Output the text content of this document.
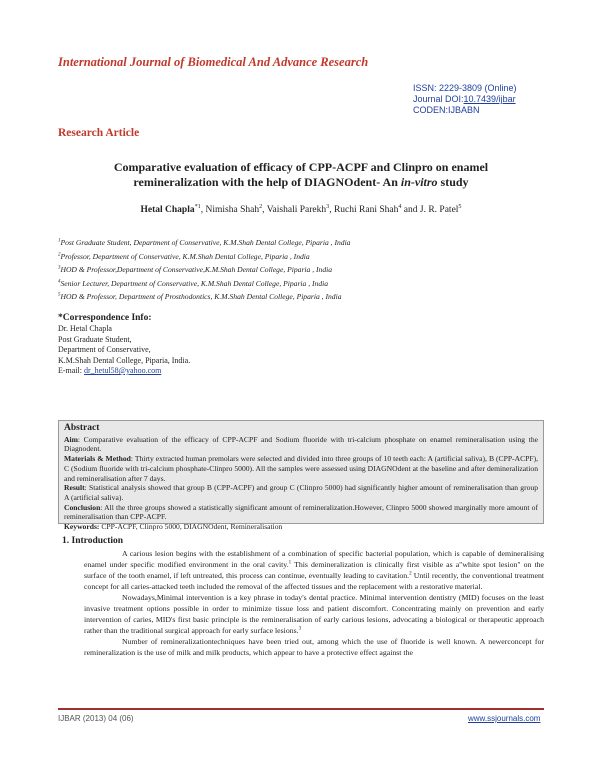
International Journal of Biomedical And Advance Research
ISSN: 2229-3809 (Online)
Journal DOI:10.7439/ijbar
CODEN:IJBABN
Research Article
Comparative evaluation of efficacy of CPP-ACPF and Clinpro on enamel
remineralization with the help of DIAGNOdent- An in-vitro study
Hetal Chapla$^{*1}$, Nimisha Shah$^2$, Vaishali Parekh$^3$, Ruchi Rani Shah$^4$ and J. R. Patel$^5$
$^1$Post Graduate Student, Department of Conservative, K.M.Shah Dental College, Piparia , India
$^2$Professor, Department of Conservative, K.M.Shah Dental College, Piparia , India
$^3$HOD & Professor,Department of Conservative,K.M.Shah Dental College, Piparia , India
$^4$Senior Lecturer, Department of Conservative, K.M.Shah Dental College, Piparia , India
$^5$HOD & Professor, Department of Prosthodontics, K.M.Shah Dental College, Piparia , India
*Correspondence Info:
Dr. Hetal Chapla
Post Graduate Student,
Department of Conservative,
K.M.Shah Dental College, Piparia, India.
E-mail: dr_hetul58@yahoo.com
Abstract

Aim: Comparative evaluation of the efficacy of CPP-ACPF and Sodium fluoride with tri-calcium phosphate on enamel remineralisation using the Diagnodent.

Materials & Method: Thirty extracted human premolars were selected and divided into three groups of 10 teeth each: A (artificial saliva), B (CPP-ACPF), C (Sodium fluoride with tri-calcium phosphate-Clinpro 5000). All the samples were assessed using DIAGNOdent at the baseline and after demineralization and remineralisation after 7 days.

Result: Statistical analysis showed that group B (CPP-ACPF) and group C (Clinpro 5000) had significantly higher amount of remineralisation than group A (artificial saliva).

Conclusion: All the three groups showed a statistically significant amount of remineralization.However, Clinpro 5000 showed marginally more amount of remineralisation than CPP-ACPF.

Keywords: CPP-ACPF, Clinpro 5000, DIAGNOdent, Remineralisation

1. Introduction

A carious lesion begins with the establishment of a combination of specific bacterial population, which is capable of demineralising enamel under specific modified environment in the oral cavity.$^1$ This demineralization is clinically first visible as a"white spot lesion" on the surface of the tooth enamel, if left untreated, this process can continue, eventually leading to cavitation.$^2$ Until recently, the conventional treatment concept for all caries-attacked teeth included the removal of the affected tissues and the replacement with a restorative material.

Nowadays,Minimal intervention is a key phrase in today's dental practice. Minimal intervention dentistry (MID) focuses on the least invasive treatment options possible in order to minimize tissue loss and patient discomfort. Concentrating mainly on prevention and early intervention of caries, MID's first basic principle is the remineralisation of early carious lesions, advocating a biological or therapeutic approach rather than the traditional surgical approach for early surface lesions.$^3$

Number of remineralizationtechniques have been tried out, among which the use of fluoride is well known. A newerconcept for remineralization is the use of milk and milk products, which appear to have a protective effect against the

IJBAR (2013) 04 (06)	www.ssjournals.com
